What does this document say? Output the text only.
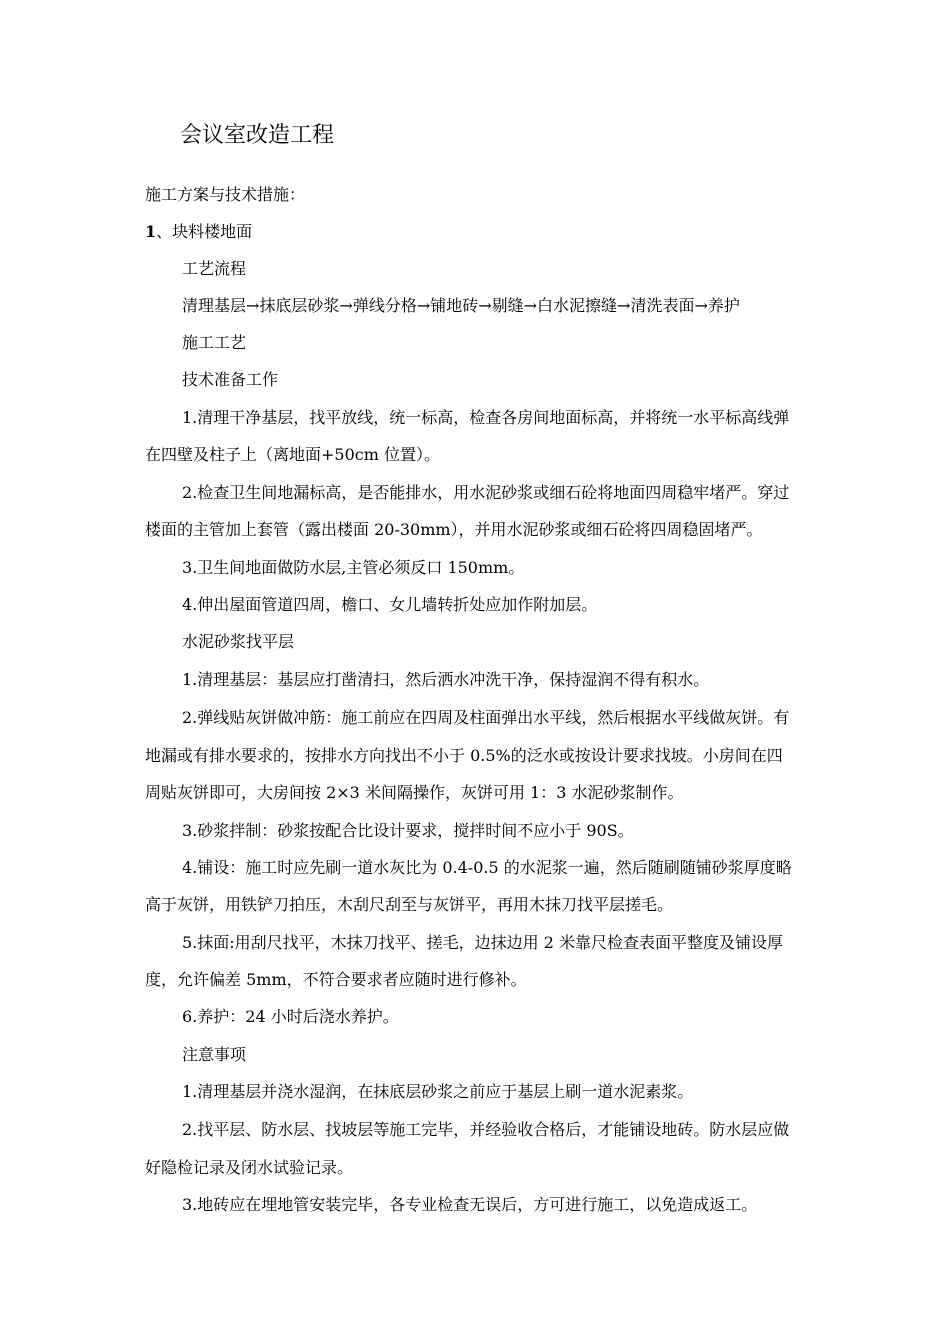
会议室改造工程
施工方案与技术措施：
1、块料楼地面
工艺流程
清理基层→抹底层砂浆→弹线分格→铺地砖→剔缝→白水泥擦缝→清洗表面→养护
施工工艺
技术准备工作
1.清理干净基层，找平放线，统一标高，检查各房间地面标高，并将统一水平标高线弹
在四壁及柱子上（离地面+50cm 位置）。
2.检查卫生间地漏标高，是否能排水，用水泥砂浆或细石砼将地面四周稳牢堵严。穿过
楼面的主管加上套管（露出楼面 20-30mm），并用水泥砂浆或细石砼将四周稳固堵严。
3.卫生间地面做防水层,主管必须反口 150mm。
4.伸出屋面管道四周，檐口、女儿墙转折处应加作附加层。
水泥砂浆找平层
1.清理基层：基层应打凿清扫，然后洒水冲洗干净，保持湿润不得有积水。
2.弹线贴灰饼做冲筋：施工前应在四周及柱面弹出水平线，然后根据水平线做灰饼。有
地漏或有排水要求的，按排水方向找出不小于 0.5%的泛水或按设计要求找坡。小房间在四
周贴灰饼即可，大房间按 2×3 米间隔操作，灰饼可用 1：3 水泥砂浆制作。
3.砂浆拌制：砂浆按配合比设计要求，搅拌时间不应小于 90S。
4.铺设：施工时应先刷一道水灰比为 0.4-0.5 的水泥浆一遍，然后随刷随铺砂浆厚度略
高于灰饼，用铁铲刀拍压，木刮尺刮至与灰饼平，再用木抹刀找平层搓毛。
5.抹面:用刮尺找平，木抹刀找平、搓毛，边抹边用 2 米靠尺检查表面平整度及铺设厚
度，允许偏差 5mm，不符合要求者应随时进行修补。
6.养护：24 小时后浇水养护。
注意事项
1.清理基层并浇水湿润，在抹底层砂浆之前应于基层上刷一道水泥素浆。
2.找平层、防水层、找坡层等施工完毕，并经验收合格后，才能铺设地砖。防水层应做
好隐检记录及闭水试验记录。
3.地砖应在埋地管安装完毕，各专业检查无误后，方可进行施工，以免造成返工。
